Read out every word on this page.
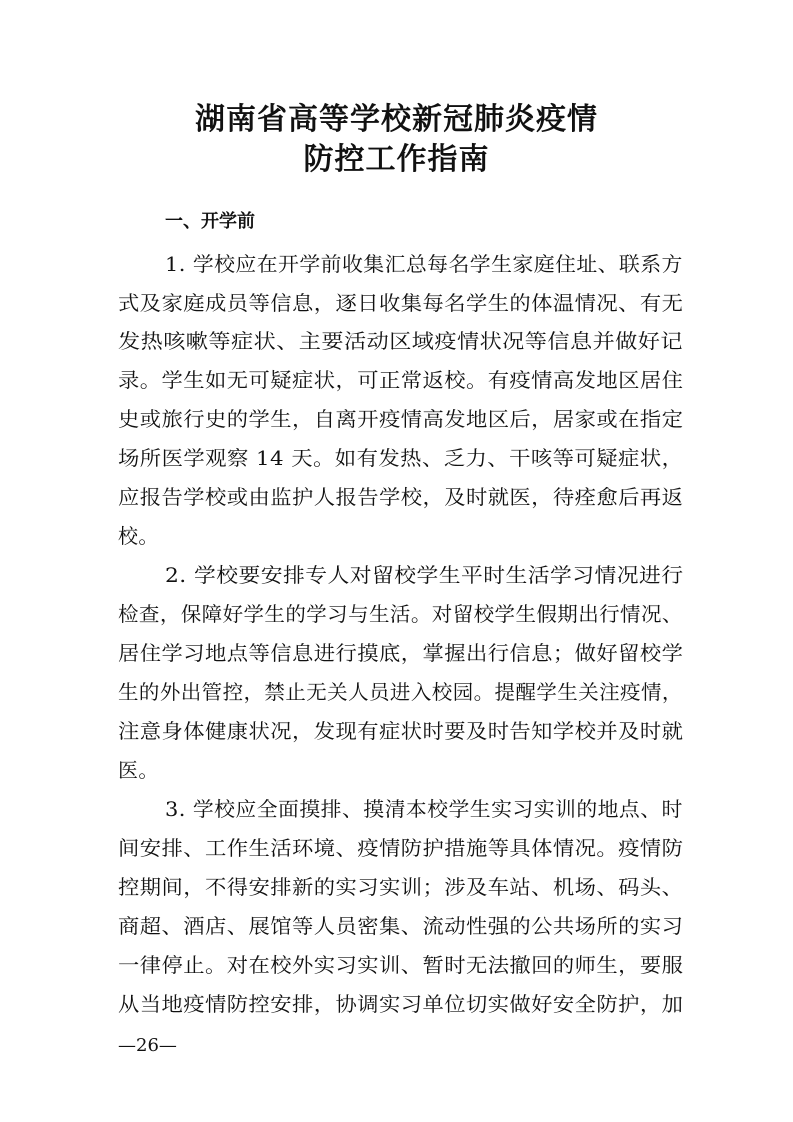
湖南省高等学校新冠肺炎疫情
防控工作指南
一、开学前

1. 学校应在开学前收集汇总每名学生家庭住址、联系方

式及家庭成员等信息，逐日收集每名学生的体温情况、有无

发热咳嗽等症状、主要活动区域疫情状况等信息并做好记

录。学生如无可疑症状，可正常返校。有疫情高发地区居住

史或旅行史的学生，自离开疫情高发地区后，居家或在指定

场所医学观察 14 天。如有发热、乏力、干咳等可疑症状，

应报告学校或由监护人报告学校，及时就医，待痊愈后再返

校。

2. 学校要安排专人对留校学生平时生活学习情况进行

检查，保障好学生的学习与生活。对留校学生假期出行情况、

居住学习地点等信息进行摸底，掌握出行信息；做好留校学

生的外出管控，禁止无关人员进入校园。提醒学生关注疫情，

注意身体健康状况，发现有症状时要及时告知学校并及时就

医。

3. 学校应全面摸排、摸清本校学生实习实训的地点、时

间安排、工作生活环境、疫情防护措施等具体情况。疫情防

控期间，不得安排新的实习实训；涉及车站、机场、码头、

商超、酒店、展馆等人员密集、流动性强的公共场所的实习

一律停止。对在校外实习实训、暂时无法撤回的师生，要服

从当地疫情防控安排，协调实习单位切实做好安全防护，加

—26—
